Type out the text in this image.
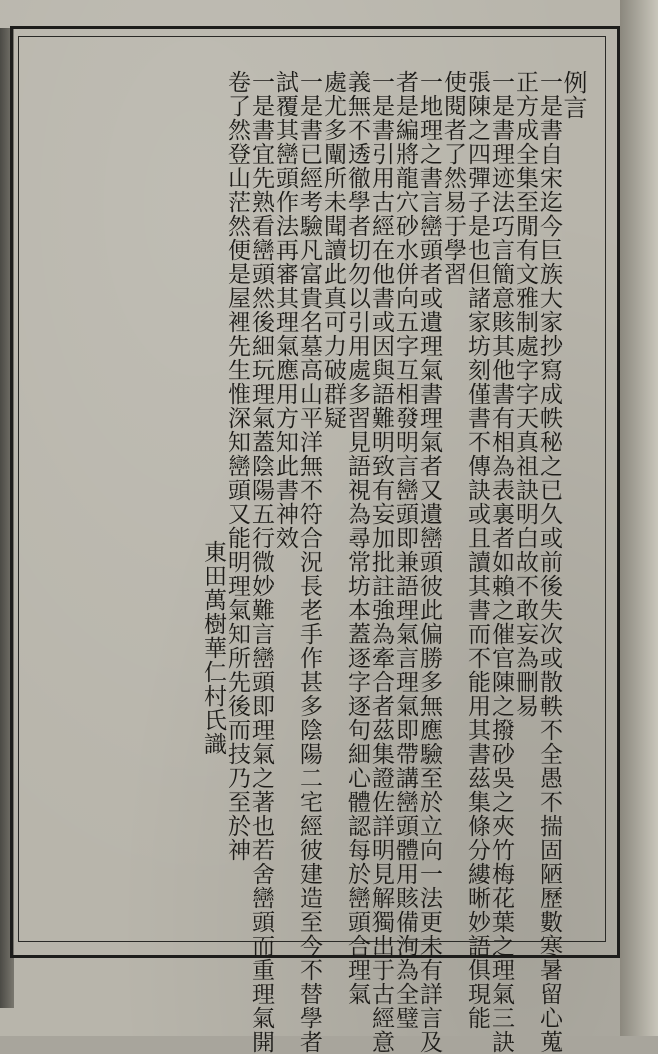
例言
一是書自宋迄今巨族大家抄寫成帙秘之已久或前後失次或散軼不全愚不揣固陋歷數寒暑留心蒐
正方成全集至閒有文雅制處字字天真祖訣明白故不敢妄為刪易
一是書理迹法巧言簡意賅其他書有相為表裏者如賴之催官陳之撥砂吳之夾竹梅花葉之理氣三訣
張陳之四彈子是也但諸家坊刻僅書不傳訣或且讀其書而不能用其書茲集條分縷晰妙語俱現能
使閱者了然易于學習
一地理之書言巒頭者或遺理氣書理氣者又遺巒頭彼此偏勝多無應驗至於立向一法更未有詳言及
者是編將龍穴砂水併向五字互相發明言巒頭即兼語理氣言理氣即帶講巒頭體用賅備洵為全璧
一是書引用古經在他書或因與語難明致有妄加批註強為牽合者茲集證佐詳明見解獨出于古經意
義無不透徹學者切勿以引用處多習見語視為尋常坊本蓋逐字逐句細心體認每於巒頭合理氣
處尤多闡所未聞讀此真可力破群疑
一是書已經考驗凡富貴名墓高山平洋無不符合況長老手作甚多陰陽二宅經彼建造至今不替學者
試覆其巒頭作法再審其理氣應用方知此書神效
一是書宜先熟看巒頭然後細玩理氣蓋陰陽五行微妙難言巒頭即理氣之著也若舍巒頭而重理氣開
卷了然登山茫然便是屋裡先生惟深知巒頭又能明理氣知所先後而技乃至於神
東田萬樹華仁村氏識
